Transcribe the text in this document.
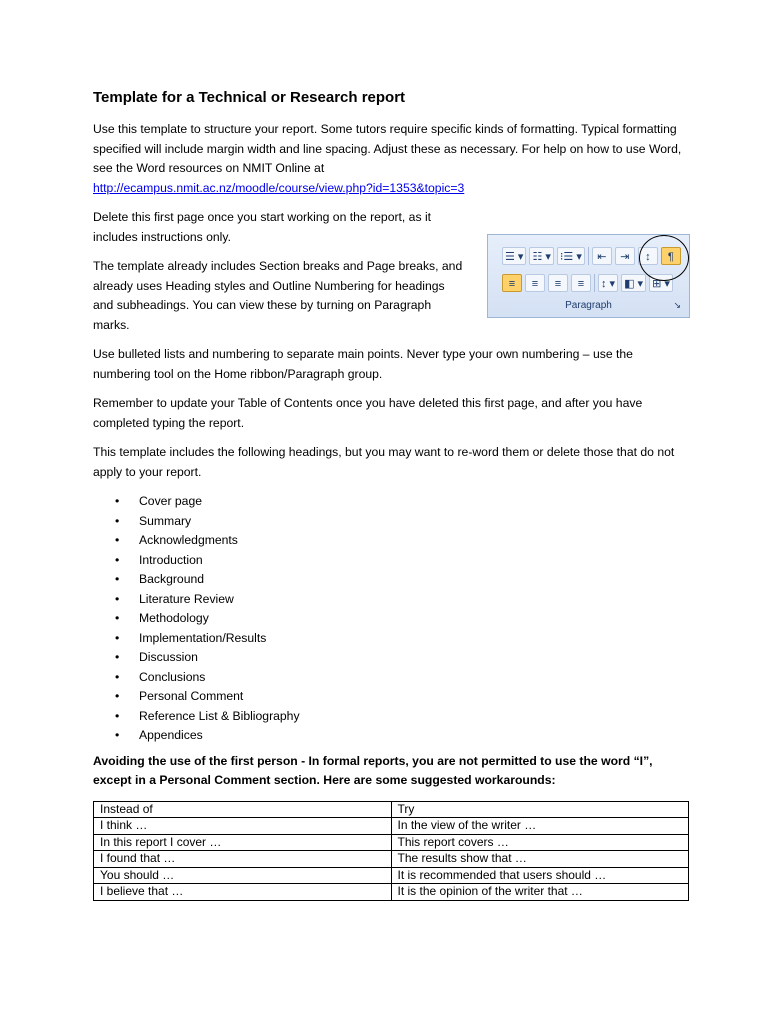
Template for a Technical or Research report

Use this template to structure your report. Some tutors require specific kinds of formatting. Typical formatting specified will include margin width and line spacing. Adjust these as necessary. For help on how to use Word, see the Word resources on NMIT Online at
http://ecampus.nmit.ac.nz/moodle/course/view.php?id=1353&topic=3

Delete this first page once you start working on the report, as it includes instructions only.

The template already includes Section breaks and Page breaks, and already uses Heading styles and Outline Numbering for headings and subheadings. You can view these by turning on Paragraph marks.

Use bulleted lists and numbering to separate main points. Never type your own numbering – use the numbering tool on the Home ribbon/Paragraph group.

Remember to update your Table of Contents once you have deleted this first page, and after you have completed typing the report.

This template includes the following headings, but you may want to re-word them or delete those that do not apply to your report.

• Cover page
• Summary
• Acknowledgments
• Introduction
• Background
• Literature Review
• Methodology
• Implementation/Results
• Discussion
• Conclusions
• Personal Comment
• Reference List & Bibliography
• Appendices

Avoiding the use of the first person - In formal reports, you are not permitted to use the word “I”, except in a Personal Comment section. Here are some suggested workarounds:

Instead of	Try
I think …	In the view of the writer …
In this report I cover …	This report covers …
I found that …	The results show that …
You should …	It is recommended that users should …
I believe that …	It is the opinion of the writer that …
☰ ▾ ☷ ▾ ⁝☰ ▾	⇤	⇥	↕	¶
≡	≡	≡	≡	↕ ▾ ◧ ▾ ⊞ ▾
Paragraph	↘
